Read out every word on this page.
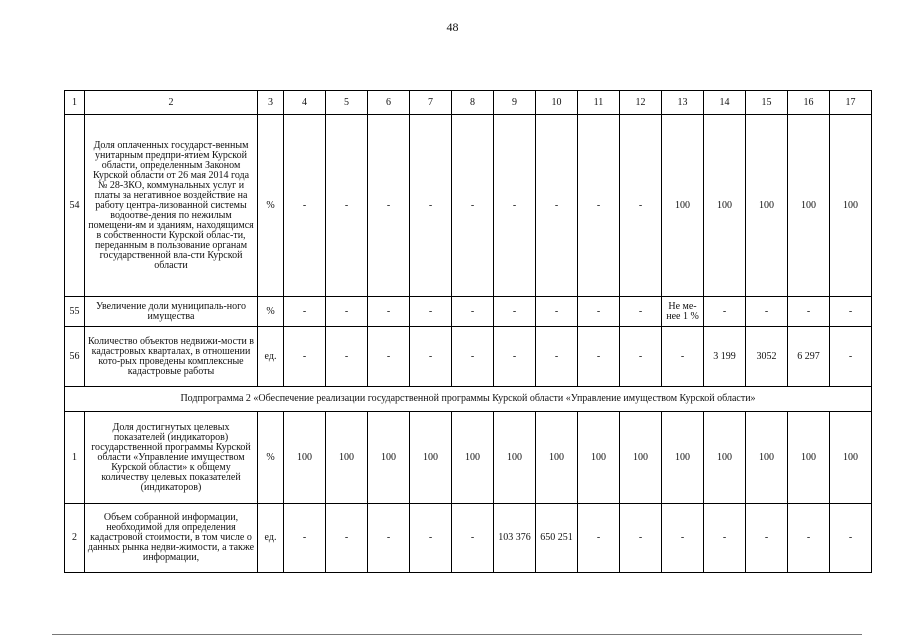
48
1	2	3	4	5	6	7	8	9	10	11	12	13	14	15	16	17
54	Доля оплаченных государст-венным унитарным предпри-ятием Курской области, определенным Законом Курской области от 26 мая 2014 года № 28-ЗКО, коммунальных услуг и платы за негативное воздействие на работу центра-лизованной системы водоотве-дения по нежилым помещени-ям и зданиям, находящимся в собственности Курской облас-ти, переданным в пользование органам государственной вла-сти Курской области	%	-	-	-	-	-	-	-	-	-	100	100	100	100	100
55	Увеличение доли муниципаль-ного имущества	%	-	-	-	-	-	-	-	-	-	Не ме-нее 1 %	-	-	-	-
56	Количество объектов недвижи-мости в кадастровых кварталах, в отношении кото-рых проведены комплексные кадастровые работы	ед.	-	-	-	-	-	-	-	-	-	-	3 199	3052	6 297	-
Подпрограмма 2 «Обеспечение реализации государственной программы Курской области «Управление имуществом Курской области»																
1	Доля достигнутых целевых показателей (индикаторов) государственной программы Курской области «Управление имуществом Курской области» к общему количеству целевых показателей (индикаторов)	%	100	100	100	100	100	100	100	100	100	100	100	100	100	100
2	Объем собранной информации, необходимой для определения кадастровой стоимости, в том числе о данных рынка недви-жимости, а также информации,	ед.	-	-	-	-	-	103 376	650 251	-	-	-	-	-	-	-
